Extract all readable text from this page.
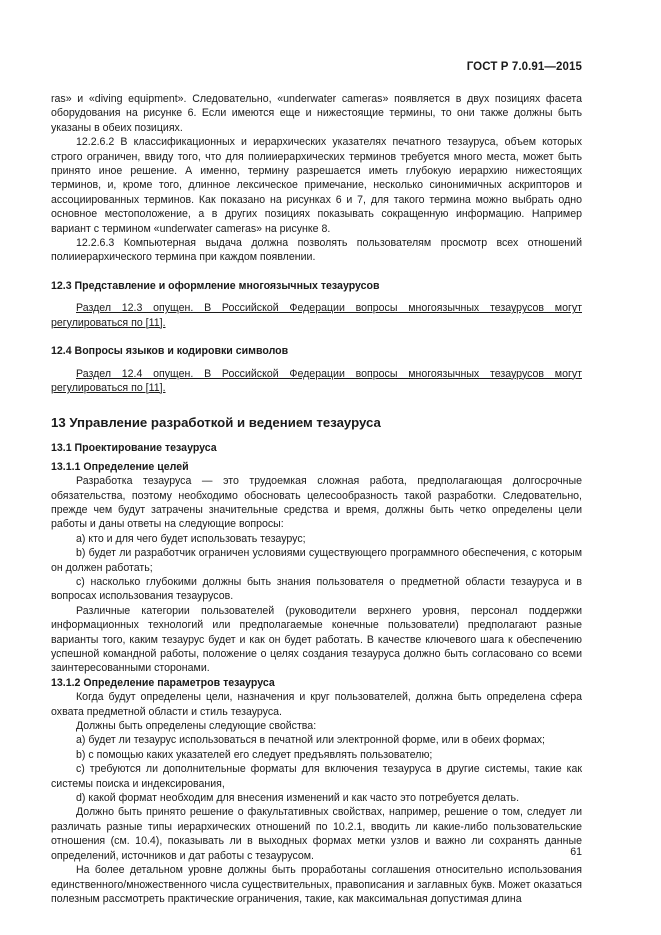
ГОСТ Р 7.0.91—2015

ras» и «diving equipment». Следовательно, «underwater cameras» появляется в двух позициях фасета оборудования на рисунке 6. Если имеются еще и нижестоящие термины, то они также должны быть указаны в обеих позициях.

12.2.6.2 В классификационных и иерархических указателях печатного тезауруса, объем которых строго ограничен, ввиду того, что для полииерархических терминов требуется много места, может быть принято иное решение. А именно, термину разрешается иметь глубокую иерархию нижестоящих терминов, и, кроме того, длинное лексическое примечание, несколько синонимичных аскрипторов и ассоциированных терминов. Как показано на рисунках 6 и 7, для такого термина можно выбрать одно основное местоположение, а в других позициях показывать сокращенную информацию. Например вариант с термином «underwater cameras» на рисунке 8.

12.2.6.3 Компьютерная выдача должна позволять пользователям просмотр всех отношений полииерархического термина при каждом появлении.

12.3 Представление и оформление многоязычных тезаурусов

Раздел 12.3 опущен. В Российской Федерации вопросы многоязычных тезаурусов могут регулироваться по [11].

12.4 Вопросы языков и кодировки символов

Раздел 12.4 опущен. В Российской Федерации вопросы многоязычных тезаурусов могут регулироваться по [11].

13 Управление разработкой и ведением тезауруса

13.1 Проектирование тезауруса

13.1.1 Определение целей

Разработка тезауруса — это трудоемкая сложная работа, предполагающая долгосрочные обязательства, поэтому необходимо обосновать целесообразность такой разработки. Следовательно, прежде чем будут затрачены значительные средства и время, должны быть четко определены цели работы и даны ответы на следующие вопросы:

a) кто и для чего будет использовать тезаурус;

b) будет ли разработчик ограничен условиями существующего программного обеспечения, с которым он должен работать;

c) насколько глубокими должны быть знания пользователя о предметной области тезауруса и в вопросах использования тезаурусов.

Различные категории пользователей (руководители верхнего уровня, персонал поддержки информационных технологий или предполагаемые конечные пользователи) предполагают разные варианты того, каким тезаурус будет и как он будет работать. В качестве ключевого шага к обеспечению успешной командной работы, положение о целях создания тезауруса должно быть согласовано со всеми заинтересованными сторонами.

13.1.2 Определение параметров тезауруса

Когда будут определены цели, назначения и круг пользователей, должна быть определена сфера охвата предметной области и стиль тезауруса.

Должны быть определены следующие свойства:

a) будет ли тезаурус использоваться в печатной или электронной форме, или в обеих формах;

b) с помощью каких указателей его следует предъявлять пользователю;

c) требуются ли дополнительные форматы для включения тезауруса в другие системы, такие как системы поиска и индексирования,

d) какой формат необходим для внесения изменений и как часто это потребуется делать.

Должно быть принято решение о факультативных свойствах, например, решение о том, следует ли различать разные типы иерархических отношений по 10.2.1, вводить ли какие-либо пользовательские отношения (см. 10.4), показывать ли в выходных формах метки узлов и важно ли сохранять данные определений, источников и дат работы с тезаурусом.

На более детальном уровне должны быть проработаны соглашения относительно использования единственного/множественного числа существительных, правописания и заглавных букв. Может оказаться полезным рассмотреть практические ограничения, такие, как максимальная допустимая длина

61
